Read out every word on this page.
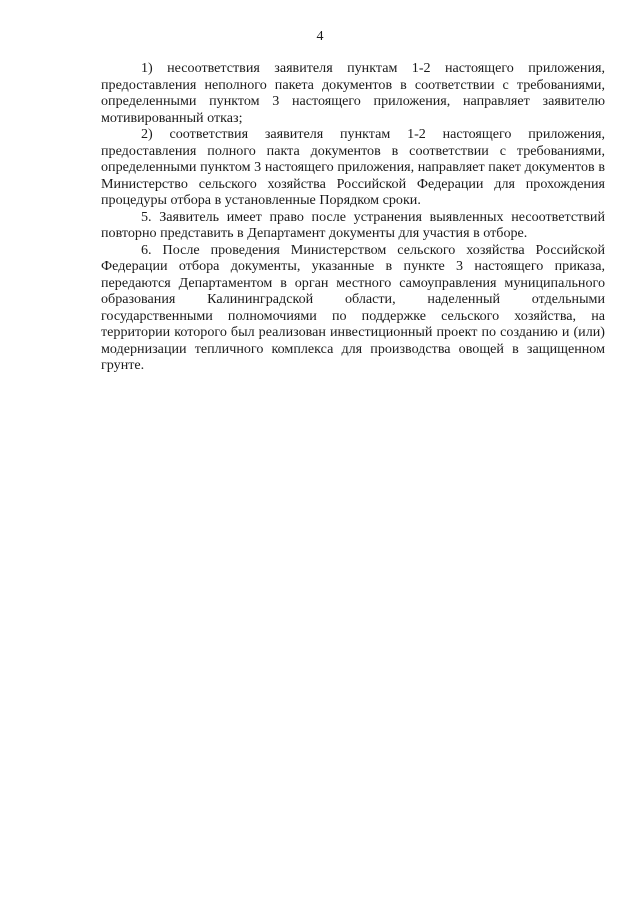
4

1) несоответствия заявителя пунктам 1-2 настоящего приложения, предоставления неполного пакета документов в соответствии с требованиями, определенными пунктом 3 настоящего приложения, направляет заявителю мотивированный отказ;

2) соответствия заявителя пунктам 1-2 настоящего приложения, предоставления полного пакта документов в соответствии с требованиями, определенными пунктом 3 настоящего приложения, направляет пакет документов в Министерство сельского хозяйства Российской Федерации для прохождения процедуры отбора в установленные Порядком сроки.

5. Заявитель имеет право после устранения выявленных несоответствий повторно представить в Департамент документы для участия в отборе.

6. После проведения Министерством сельского хозяйства Российской Федерации отбора документы, указанные в пункте 3 настоящего приказа, передаются Департаментом в орган местного самоуправления муниципального образования Калининградской области, наделенный отдельными государственными полномочиями по поддержке сельского хозяйства, на территории которого был реализован инвестиционный проект по созданию и (или) модернизации тепличного комплекса для производства овощей в защищенном грунте.
